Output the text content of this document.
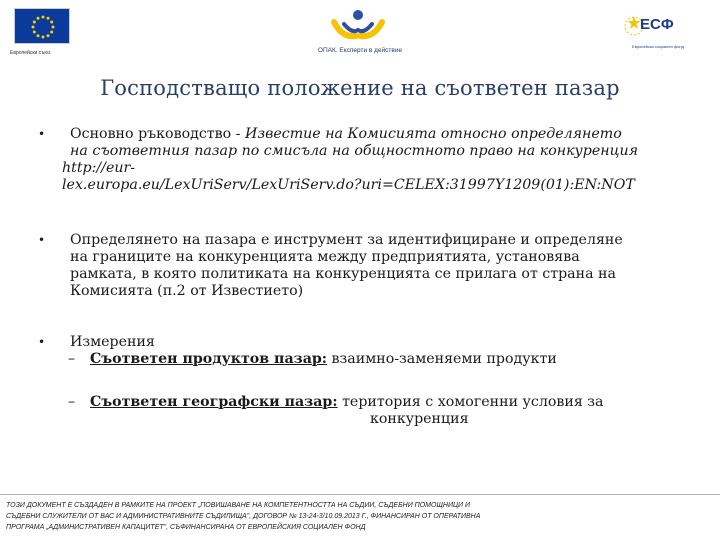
Европейски съюз	ОПАК. Експерти в действие
ЕСФ
Европейски социален фонд
Господстващо положение на съответен пазар
• Основно ръководство - Известие на Комисията относно определянето
на съответния пазар по смисъла на общностното право на конкуренция
http://eur-
lex.europa.eu/LexUriServ/LexUriServ.do?uri=CELEX:31997Y1209(01):EN:NOT
• Определянето на пазара е инструмент за идентифициране и определяне
на границите на конкуренцията между предприятията, установява
рамката, в която политиката на конкуренцията се прилага от страна на
Комисията (п.2 от Известието)
• Измерения
– Съответен продуктов пазар: взаимно-заменяеми продукти
– Съответен географски пазар: територия с хомогенни условия за
конкуренция
ТОЗИ ДОКУМЕНТ Е СЪЗДАДЕН В РАМКИТЕ НА ПРОЕКТ „ПОВИШАВАНЕ НА КОМПЕТЕНТНОСТТА НА СЪДИИ, СЪДЕБНИ ПОМОЩНИЦИ И
СЪДЕБНИ СЛУЖИТЕЛИ ОТ ВАС И АДМИНИСТРАТИВНИТЕ СЪДИЛИЩА", ДОГОВОР № 13-24-3/10.09.2013 Г., ФИНАНСИРАН ОТ ОПЕРАТИВНА
ПРОГРАМА „АДМИНИСТРАТИВЕН КАПАЦИТЕТ", СЪФИНАНСИРАНА ОТ ЕВРОПЕЙСКИЯ СОЦИАЛЕН ФОНД
